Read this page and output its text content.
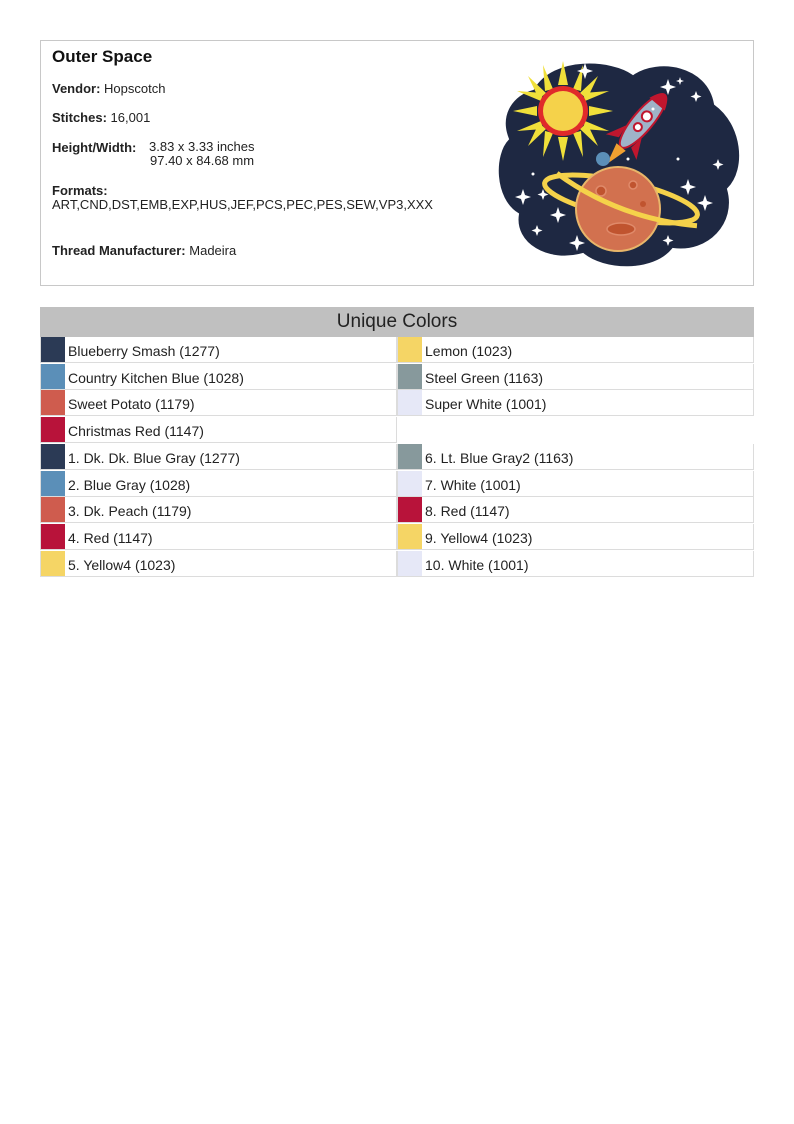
Outer Space
Vendor: Hopscotch
Stitches: 16,001
Height/Width: 3.83 x 3.33 inches
97.40 x 84.68 mm
Formats:
ART,CND,DST,EMB,EXP,HUS,JEF,PCS,PEC,PES,SEW,VP3,XXX
Thread Manufacturer: Madeira
Unique Colors
Blueberry Smash (1277)	Lemon (1023)
Country Kitchen Blue (1028)	Steel Green (1163)
Sweet Potato (1179)	Super White (1001)
Christmas Red (1147)
1. Dk. Dk. Blue Gray (1277)	6. Lt. Blue Gray2 (1163)
2. Blue Gray (1028)	7. White (1001)
3. Dk. Peach (1179)	8. Red (1147)
4. Red (1147)	9. Yellow4 (1023)
5. Yellow4 (1023)	10. White (1001)
